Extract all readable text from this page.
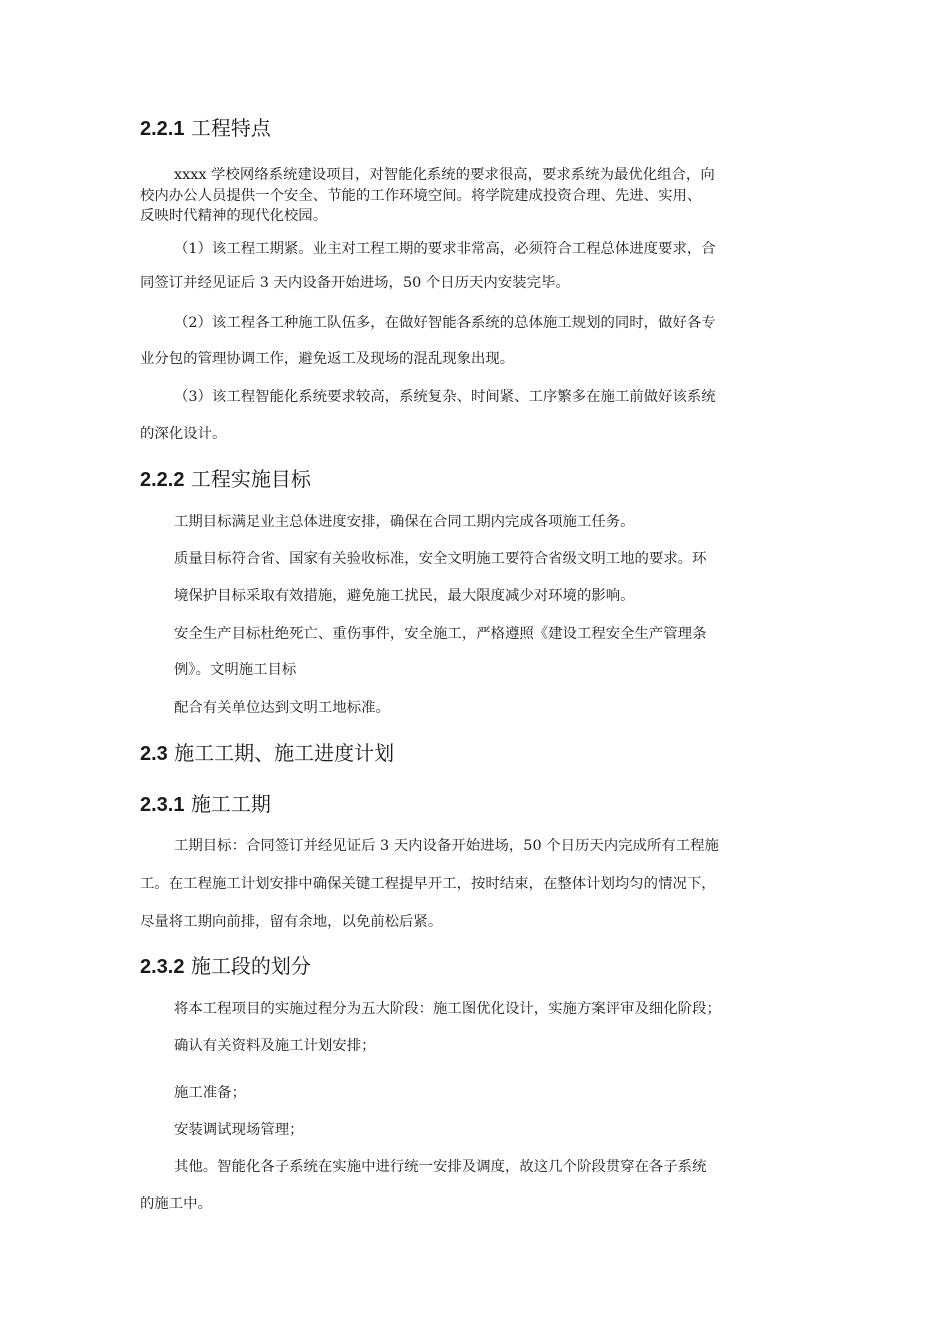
2.2.1 工程特点

xxxx 学校网络系统建设项目，对智能化系统的要求很高，要求系统为最优化组合，向

校内办公人员提供一个安全、节能的工作环境空间。将学院建成投资合理、先进、实用、

反映时代精神的现代化校园。

（1）该工程工期紧。业主对工程工期的要求非常高，必须符合工程总体进度要求，合

同签订并经见证后 3 天内设备开始进场，50 个日历天内安装完毕。

（2）该工程各工种施工队伍多，在做好智能各系统的总体施工规划的同时，做好各专

业分包的管理协调工作，避免返工及现场的混乱现象出现。

（3）该工程智能化系统要求较高，系统复杂、时间紧、工序繁多在施工前做好该系统

的深化设计。

2.2.2 工程实施目标

工期目标满足业主总体进度安排，确保在合同工期内完成各项施工任务。

质量目标符合省、国家有关验收标准，安全文明施工要符合省级文明工地的要求。环

境保护目标采取有效措施，避免施工扰民，最大限度减少对环境的影响。

安全生产目标杜绝死亡、重伤事件，安全施工，严格遵照《建设工程安全生产管理条

例》。文明施工目标

配合有关单位达到文明工地标准。

2.3 施工工期、施工进度计划
2.3.1 施工工期

工期目标：合同签订并经见证后 3 天内设备开始进场，50 个日历天内完成所有工程施

工。在工程施工计划安排中确保关键工程提早开工，按时结束，在整体计划均匀的情况下，

尽量将工期向前排，留有余地，以免前松后紧。

2.3.2 施工段的划分

将本工程项目的实施过程分为五大阶段：施工图优化设计，实施方案评审及细化阶段；

确认有关资料及施工计划安排；

施工准备；

安装调试现场管理；

其他。智能化各子系统在实施中进行统一安排及调度，故这几个阶段贯穿在各子系统

的施工中。
